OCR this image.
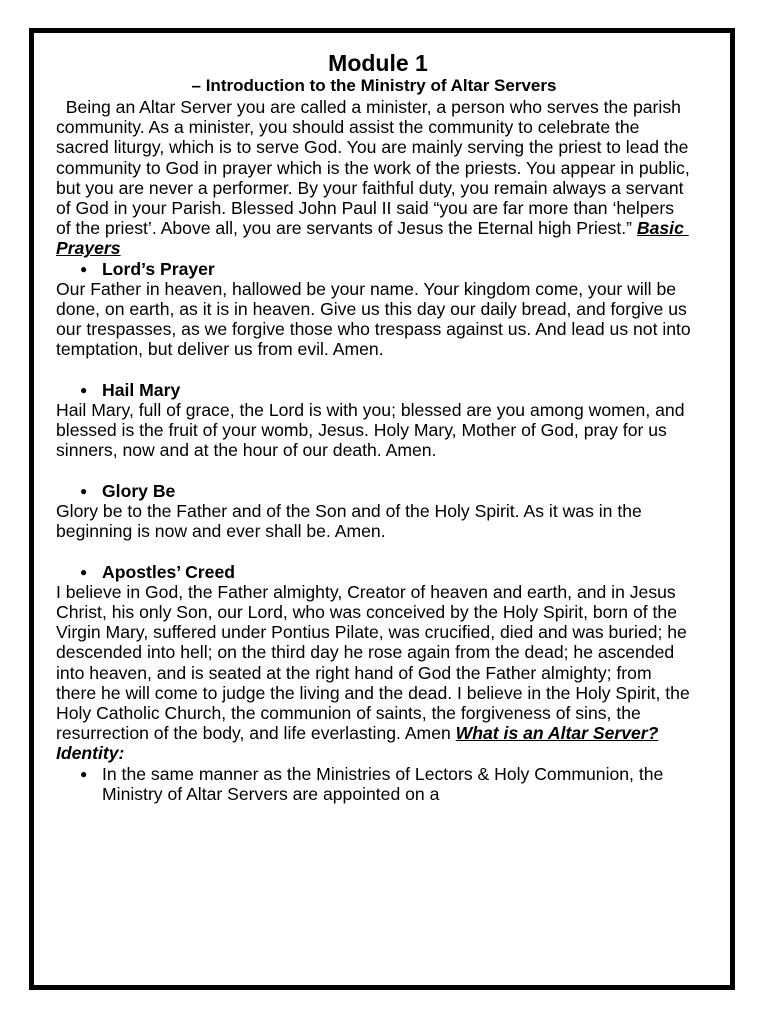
Module 1
– Introduction to the Ministry of Altar Servers

Being an Altar Server you are called a minister, a person who serves the parish community. As a minister, you should assist the community to celebrate the sacred liturgy, which is to serve God. You are mainly serving the priest to lead the community to God in prayer which is the work of the priests. You appear in public, but you are never a performer. By your faithful duty, you remain always a servant of God in your Parish. Blessed John Paul II said “you are far more than ‘helpers of the priest’. Above all, you are servants of Jesus the Eternal high Priest.” Basic Prayers

● Lord’s Prayer

Our Father in heaven, hallowed be your name. Your kingdom come, your will be done, on earth, as it is in heaven. Give us this day our daily bread, and forgive us our trespasses, as we forgive those who trespass against us. And lead us not into temptation, but deliver us from evil. Amen.

● Hail Mary

Hail Mary, full of grace, the Lord is with you; blessed are you among women, and blessed is the fruit of your womb, Jesus. Holy Mary, Mother of God, pray for us sinners, now and at the hour of our death. Amen.

● Glory Be

Glory be to the Father and of the Son and of the Holy Spirit. As it was in the beginning is now and ever shall be. Amen.

● Apostles’ Creed

I believe in God, the Father almighty, Creator of heaven and earth, and in Jesus Christ, his only Son, our Lord, who was conceived by the Holy Spirit, born of the Virgin Mary, suffered under Pontius Pilate, was crucified, died and was buried; he descended into hell; on the third day he rose again from the dead; he ascended into heaven, and is seated at the right hand of God the Father almighty; from there he will come to judge the living and the dead. I believe in the Holy Spirit, the Holy Catholic Church, the communion of saints, the forgiveness of sins, the resurrection of the body, and life everlasting. Amen What is an Altar Server? Identity:

● In the same manner as the Ministries of Lectors & Holy Communion, the Ministry of Altar Servers are appointed on a
